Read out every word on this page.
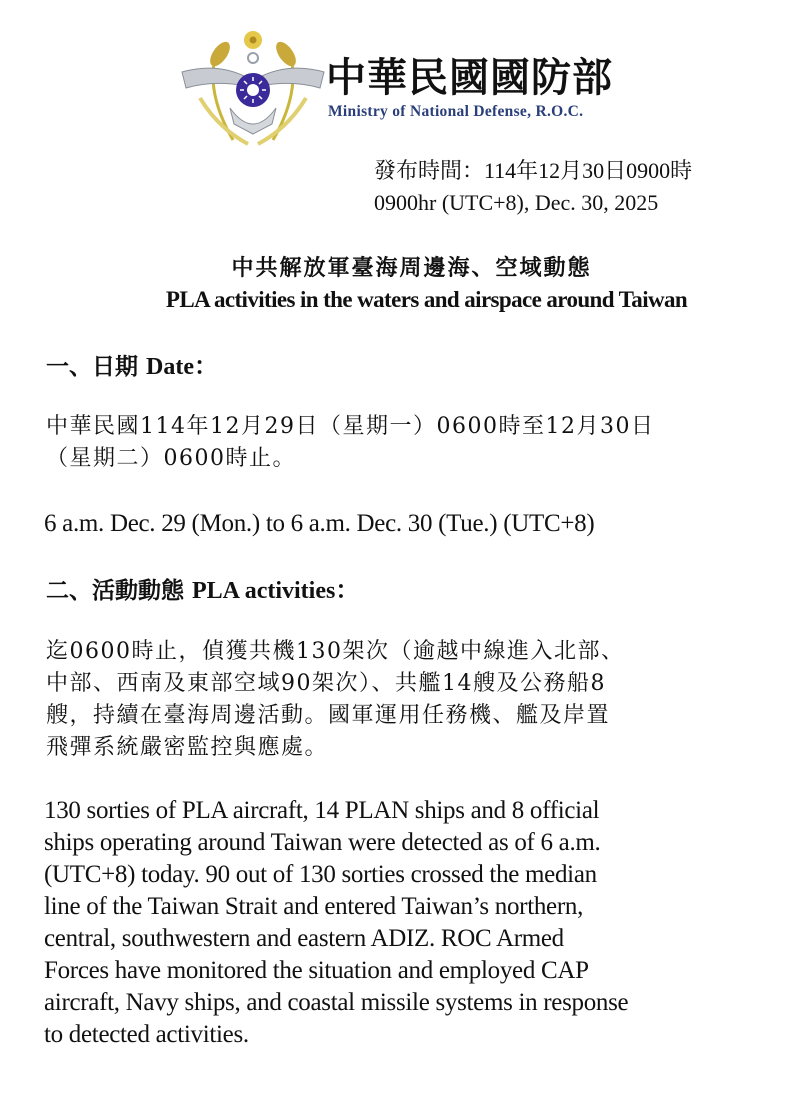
中華民國國防部
Ministry of National Defense, R.O.C.
發布時間：114年12月30日0900時
0900hr (UTC+8), Dec. 30, 2025
中共解放軍臺海周邊海、空域動態
PLA activities in the waters and airspace around Taiwan
一、日期 Date：
中華民國114年12月29日（星期一）0600時至12月30日
（星期二）0600時止。
6 a.m. Dec. 29 (Mon.) to 6 a.m. Dec. 30 (Tue.) (UTC+8)
二、活動動態 PLA activities：
迄0600時止，偵獲共機130架次（逾越中線進入北部、
中部、西南及東部空域90架次）、共艦14艘及公務船8
艘，持續在臺海周邊活動。國軍運用任務機、艦及岸置
飛彈系統嚴密監控與應處。
130 sorties of PLA aircraft, 14 PLAN ships and 8 official
ships operating around Taiwan were detected as of 6 a.m.
(UTC+8) today. 90 out of 130 sorties crossed the median
line of the Taiwan Strait and entered Taiwan’s northern,
central, southwestern and eastern ADIZ. ROC Armed
Forces have monitored the situation and employed CAP
aircraft, Navy ships, and coastal missile systems in response
to detected activities.
